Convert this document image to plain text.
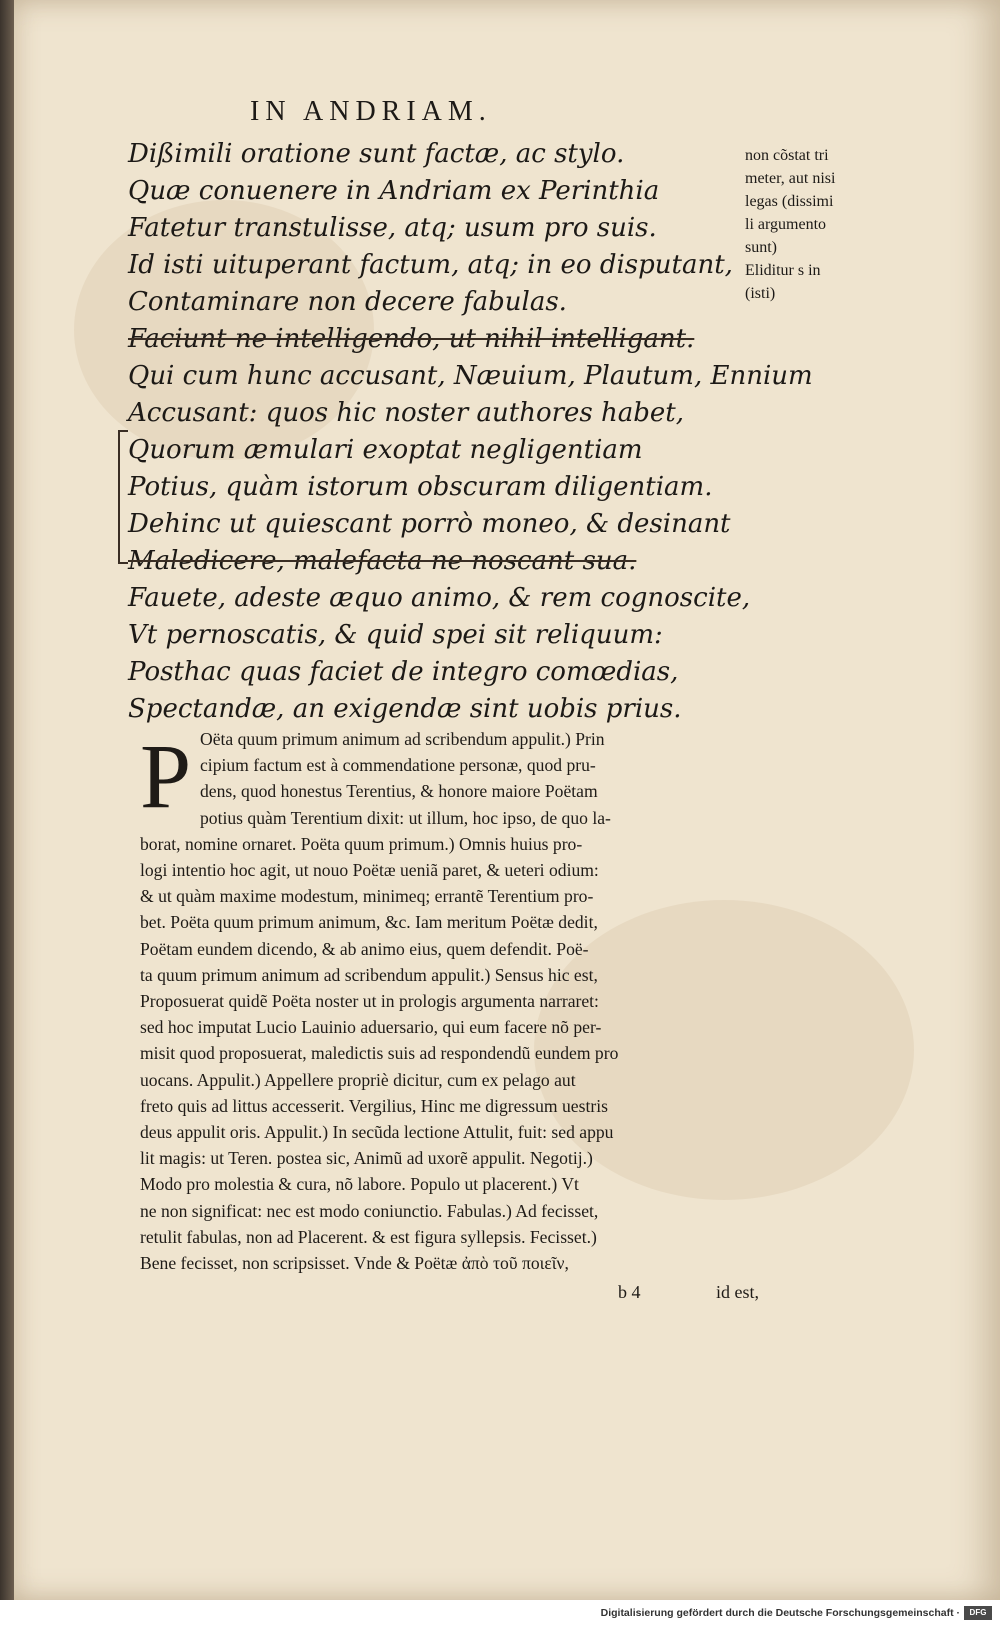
IN ANDRIAM.
Dißimili oratione sunt factæ, ac stylo.
Quæ conuenere in Andriam ex Perinthia
Fatetur transtulisse, atq; usum pro suis.
Id isti uituperant factum, atq; in eo disputant,
Contaminare non decere fabulas.
Faciunt ne intelligendo, ut nihil intelligant.
Qui cum hunc accusant, Næuium, Plautum, Ennium
Accusant: quos hic noster authores habet,
Quorum æmulari exoptat negligentiam
Potius, quàm istorum obscuram diligentiam.
Dehinc ut quiescant porrò moneo, & desinant
Maledicere, malefacta ne noscant sua.
Fauete, adeste æquo animo, & rem cognoscite,
Vt pernoscatis, & quid spei sit reliquum:
Posthac quas faciet de integro comœdias,
Spectandæ, an exigendæ sint uobis prius.
non cõstat tri
meter, aut nisi
legas (dissimi
li argumento
sunt)
Eliditur s in
(isti)
P Oëta quum primum animum ad scribendum appulit.) Prin
cipium factum est à commendatione personæ, quod pru-
dens, quod honestus Terentius, & honore maiore Poëtam
potius quàm Terentium dixit: ut illum, hoc ipso, de quo la-
borat, nomine ornaret. Poëta quum primum.) Omnis huius pro-
logi intentio hoc agit, ut nouo Poëtæ ueniã paret, & ueteri odium:
& ut quàm maxime modestum, minimeq; errantẽ Terentium pro-
bet. Poëta quum primum animum, &c. Iam meritum Poëtæ dedit,
Poëtam eundem dicendo, & ab animo eius, quem defendit. Poë-
ta quum primum animum ad scribendum appulit.) Sensus hic est,
Proposuerat quidẽ Poëta noster ut in prologis argumenta narraret:
sed hoc imputat Lucio Lauinio aduersario, qui eum facere nõ per-
misit quod proposuerat, maledictis suis ad respondendũ eundem pro
uocans. Appulit.) Appellere propriè dicitur, cum ex pelago aut
freto quis ad littus accesserit. Vergilius, Hinc me digressum uestris
deus appulit oris. Appulit.) In secũda lectione Attulit, fuit: sed appu
lit magis: ut Teren. postea sic, Animũ ad uxorẽ appulit. Negotij.)
Modo pro molestia & cura, nõ labore. Populo ut placerent.) Vt
ne non significat: nec est modo coniunctio. Fabulas.) Ad fecisset,
retulit fabulas, non ad Placerent. & est figura syllepsis. Fecisset.)
Bene fecisset, non scripsisset. Vnde & Poëtæ ἀπὸ τοῦ ποιεῖν,
b 4	id est,
Digitalisierung gefördert durch die Deutsche Forschungsgemeinschaft ·	DFG
